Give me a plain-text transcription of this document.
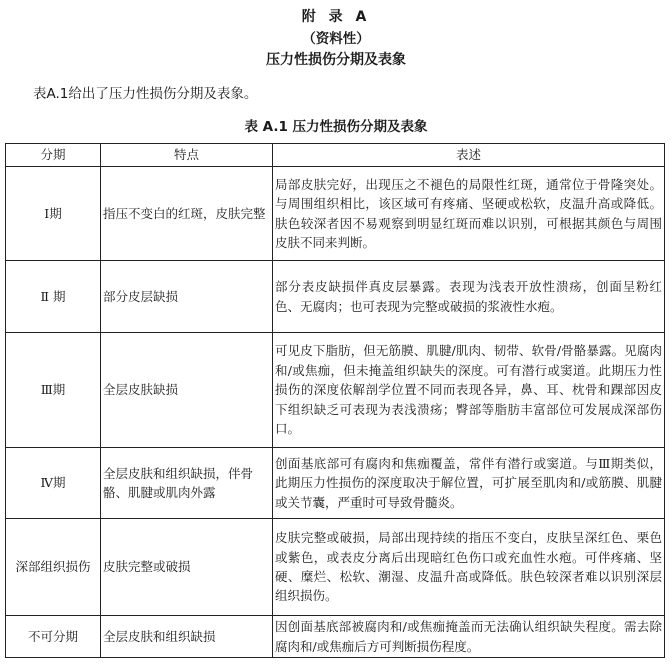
附 录 A
（资料性）
压力性损伤分期及表象
表A.1给出了压力性损伤分期及表象。
表 A.1 压力性损伤分期及表象
分期	特点	表述
Ⅰ期	指压不变白的红斑，皮肤完整	局部皮肤完好，出现压之不褪色的局限性红斑，通常位于骨隆突处。与周围组织相比，该区域可有疼痛、坚硬或松软，皮温升高或降低。肤色较深者因不易观察到明显红斑而难以识别，可根据其颜色与周围皮肤不同来判断。
Ⅱ 期	部分皮层缺损	部分表皮缺损伴真皮层暴露。表现为浅表开放性溃疡，创面呈粉红色、无腐肉；也可表现为完整或破损的浆液性水疱。
Ⅲ期	全层皮肤缺损	可见皮下脂肪，但无筋膜、肌腱/肌肉、韧带、软骨/骨骼暴露。见腐肉和/或焦痂，但未掩盖组织缺失的深度。可有潜行或窦道。此期压力性损伤的深度依解剖学位置不同而表现各异，鼻、耳、枕骨和踝部因皮下组织缺乏可表现为表浅溃疡；臀部等脂肪丰富部位可发展成深部伤口。
Ⅳ期	全层皮肤和组织缺损，伴骨骼、肌腱或肌肉外露	创面基底部可有腐肉和焦痂覆盖，常伴有潜行或窦道。与Ⅲ期类似，此期压力性损伤的深度取决于解位置，可扩展至肌肉和/或筋膜、肌腱或关节囊，严重时可导致骨髓炎。
深部组织损伤	皮肤完整或破损	皮肤完整或破损，局部出现持续的指压不变白，皮肤呈深红色、栗色或紫色，或表皮分离后出现暗红色伤口或充血性水疱。可伴疼痛、坚硬、糜烂、松软、潮湿、皮温升高或降低。肤色较深者难以识别深层组织损伤。
不可分期	全层皮肤和组织缺损	因创面基底部被腐肉和/或焦痂掩盖而无法确认组织缺失程度。需去除腐肉和/或焦痂后方可判断损伤程度。
